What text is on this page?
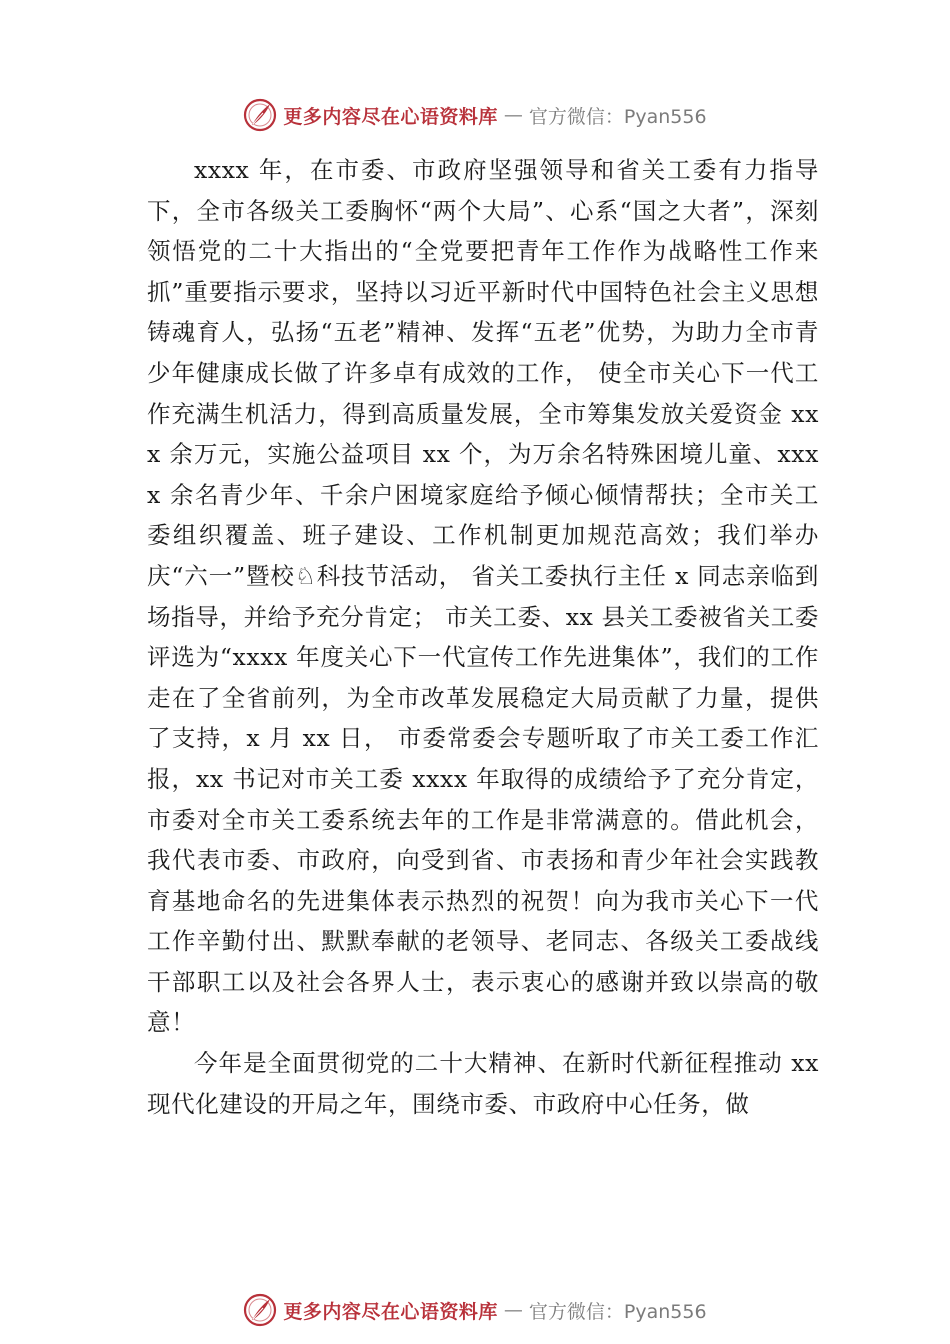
更多内容尽在心语资料库 — 官方微信：Pyan556

xxxx 年，在市委、市政府坚强领导和省关工委有力指导下，全市各级关工委胸怀“两个大局”、心系“国之大者”，深刻领悟党的二十大指出的“全党要把青年工作作为战略性工作来抓”重要指示要求，坚持以习近平新时代中国特色社会主义思想铸魂育人，弘扬“五老”精神、发挥“五老”优势，为助力全市青少年健康成长做了许多卓有成效的工作， 使全市关心下一代工作充满生机活力，得到高质量发展，全市筹集发放关爱资金 xxx 余万元，实施公益项目 xx 个，为万余名特殊困境儿童、xxxx 余名青少年、千余户困境家庭给予倾心倾情帮扶；全市关工委组织覆盖、班子建设、工作机制更加规范高效；我们举办庆“六一”暨校♘科技节活动， 省关工委执行主任 x 同志亲临到场指导，并给予充分肯定； 市关工委、xx 县关工委被省关工委评选为“xxxx 年度关心下一代宣传工作先进集体”，我们的工作走在了全省前列，为全市改革发展稳定大局贡献了力量，提供了支持，x 月 xx 日， 市委常委会专题听取了市关工委工作汇报，xx 书记对市关工委 xxxx 年取得的成绩给予了充分肯定，市委对全市关工委系统去年的工作是非常满意的。借此机会，我代表市委、市政府，向受到省、市表扬和青少年社会实践教育基地命名的先进集体表示热烈的祝贺！向为我市关心下一代工作辛勤付出、默默奉献的老领导、老同志、各级关工委战线干部职工以及社会各界人士，表示衷心的感谢并致以崇高的敬意！

今年是全面贯彻党的二十大精神、在新时代新征程推动 xx 现代化建设的开局之年，围绕市委、市政府中心任务，做

更多内容尽在心语资料库 — 官方微信：Pyan556
